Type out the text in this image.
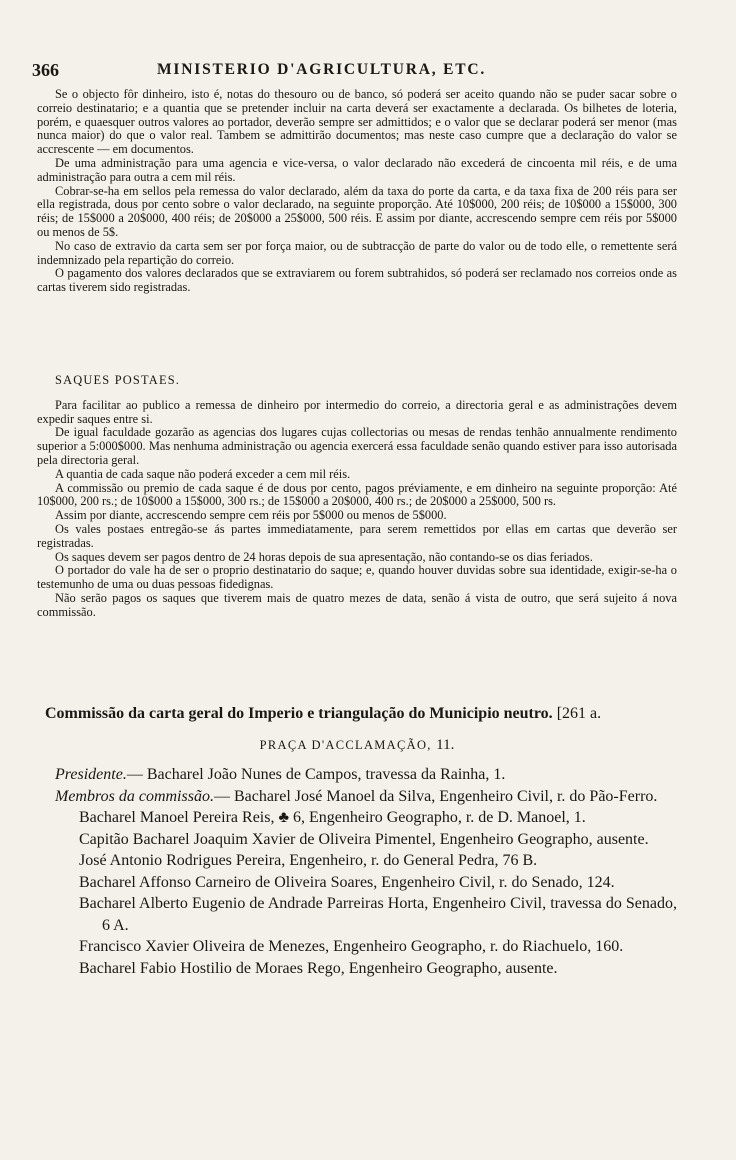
366	MINISTERIO D'AGRICULTURA, ETC.

Se o objecto fôr dinheiro, isto é, notas do thesouro ou de banco, só poderá ser aceito quando não se puder sacar sobre o correio destinatario; e a quantia que se pretender incluir na carta deverá ser exactamente a declarada. Os bilhetes de loteria, porém, e quaesquer outros valores ao portador, deverão sempre ser admittidos; e o valor que se declarar poderá ser menor (mas nunca maior) do que o valor real. Tambem se admittirão documentos; mas neste caso cumpre que a declaração do valor se accrescente — em documentos.

De uma administração para uma agencia e vice-versa, o valor declarado não excederá de cincoenta mil réis, e de uma administração para outra a cem mil réis.

Cobrar-se-ha em sellos pela remessa do valor declarado, além da taxa do porte da carta, e da taxa fixa de 200 réis para ser ella registrada, dous por cento sobre o valor declarado, na seguinte proporção. Até 10$000, 200 réis; de 10$000 a 15$000, 300 réis; de 15$000 a 20$000, 400 réis; de 20$000 a 25$000, 500 réis. E assim por diante, accrescendo sempre cem réis por 5$000 ou menos de 5$.

No caso de extravio da carta sem ser por força maior, ou de subtracção de parte do valor ou de todo elle, o remettente será indemnizado pela repartição do correio.

O pagamento dos valores declarados que se extraviarem ou forem subtrahidos, só poderá ser reclamado nos correios onde as cartas tiverem sido registradas.

SAQUES POSTAES.

Para facilitar ao publico a remessa de dinheiro por intermedio do correio, a directoria geral e as administrações devem expedir saques entre si.

De igual faculdade gozarão as agencias dos lugares cujas collectorias ou mesas de rendas tenhão annualmente rendimento superior a 5:000$000. Mas nenhuma administração ou agencia exercerá essa faculdade senão quando estiver para isso autorisada pela directoria geral.

A quantia de cada saque não poderá exceder a cem mil réis.

A commissão ou premio de cada saque é de dous por cento, pagos préviamente, e em dinheiro na seguinte proporção: Até 10$000, 200 rs.; de 10$000 a 15$000, 300 rs.; de 15$000 a 20$000, 400 rs.; de 20$000 a 25$000, 500 rs.

Assim por diante, accrescendo sempre cem réis por 5$000 ou menos de 5$000.

Os vales postaes entregão-se ás partes immediatamente, para serem remettidos por ellas em cartas que deverão ser registradas.

Os saques devem ser pagos dentro de 24 horas depois de sua apresentação, não contando-se os dias feriados.

O portador do vale ha de ser o proprio destinatario do saque; e, quando houver duvidas sobre sua identidade, exigir-se-ha o testemunho de uma ou duas pessoas fidedignas.

Não serão pagos os saques que tiverem mais de quatro mezes de data, senão á vista de outro, que será sujeito á nova commissão.

Commissão da carta geral do Imperio e triangulação do Municipio neutro. [261 a.

PRAÇA D'ACCLAMAÇÃO, 11.

Presidente.— Bacharel João Nunes de Campos, travessa da Rainha, 1.

Membros da commissão.— Bacharel José Manoel da Silva, Engenheiro Civil, r. do Pão-Ferro.

Bacharel Manoel Pereira Reis, ♣ 6, Engenheiro Geographo, r. de D. Manoel, 1.

Capitão Bacharel Joaquim Xavier de Oliveira Pimentel, Engenheiro Geographo, ausente.

José Antonio Rodrigues Pereira, Engenheiro, r. do General Pedra, 76 B.

Bacharel Affonso Carneiro de Oliveira Soares, Engenheiro Civil, r. do Senado, 124.

Bacharel Alberto Eugenio de Andrade Parreiras Horta, Engenheiro Civil, travessa do Senado, 6 A.

Francisco Xavier Oliveira de Menezes, Engenheiro Geographo, r. do Riachuelo, 160.

Bacharel Fabio Hostilio de Moraes Rego, Engenheiro Geographo, ausente.
